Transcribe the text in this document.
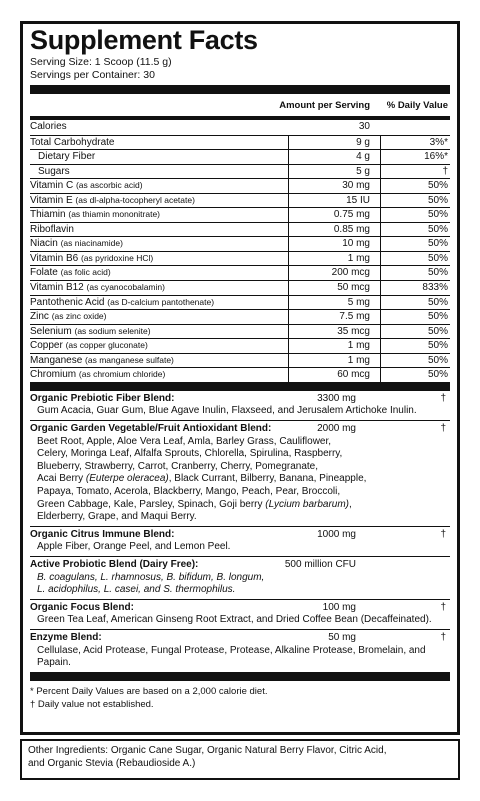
Supplement Facts
Serving Size: 1 Scoop (11.5 g)
Servings per Container: 30
Amount per Serving % Daily Value
Calories	30
Total Carbohydrate	9 g	3%*
Dietary Fiber	4 g	16%*
Sugars	5 g	†
Vitamin C (as ascorbic acid)	30 mg	50%
Vitamin E (as dl-alpha-tocopheryl acetate)	15 IU	50%
Thiamin (as thiamin mononitrate)	0.75 mg	50%
Riboflavin	0.85 mg	50%
Niacin (as niacinamide)	10 mg	50%
Vitamin B6 (as pyridoxine HCl)	1 mg	50%
Folate (as folic acid)	200 mcg	50%
Vitamin B12 (as cyanocobalamin)	50 mcg	833%
Pantothenic Acid (as D-calcium pantothenate)	5 mg	50%
Zinc (as zinc oxide)	7.5 mg	50%
Selenium (as sodium selenite)	35 mcg	50%
Copper (as copper gluconate)	1 mg	50%
Manganese (as manganese sulfate)	1 mg	50%
Chromium (as chromium chloride)	60 mcg	50%
Organic Prebiotic Fiber Blend:	3300 mg	†
Gum Acacia, Guar Gum, Blue Agave Inulin, Flaxseed, and Jerusalem Artichoke Inulin.
Organic Garden Vegetable/Fruit Antioxidant Blend:	2000 mg	†
Beet Root, Apple, Aloe Vera Leaf, Amla, Barley Grass, Cauliflower,
Celery, Moringa Leaf, Alfalfa Sprouts, Chlorella, Spirulina, Raspberry,
Blueberry, Strawberry, Carrot, Cranberry, Cherry, Pomegranate,
Acai Berry (Euterpe oleracea), Black Currant, Bilberry, Banana, Pineapple,
Papaya, Tomato, Acerola, Blackberry, Mango, Peach, Pear, Broccoli,
Green Cabbage, Kale, Parsley, Spinach, Goji berry (Lycium barbarum),
Elderberry, Grape, and Maqui Berry.
Organic Citrus Immune Blend:	1000 mg	†
Apple Fiber, Orange Peel, and Lemon Peel.
Active Probiotic Blend (Dairy Free):	500 million CFU
B. coagulans, L. rhamnosus, B. bifidum, B. longum,
L. acidophilus, L. casei, and S. thermophilus.
Organic Focus Blend:	100 mg	†
Green Tea Leaf, American Ginseng Root Extract, and Dried Coffee Bean (Decaffeinated).
Enzyme Blend:	50 mg	†
Cellulase, Acid Protease, Fungal Protease, Protease, Alkaline Protease, Bromelain, and Papain.
* Percent Daily Values are based on a 2,000 calorie diet.
† Daily value not established.
Other Ingredients: Organic Cane Sugar, Organic Natural Berry Flavor, Citric Acid,
and Organic Stevia (Rebaudioside A.)
